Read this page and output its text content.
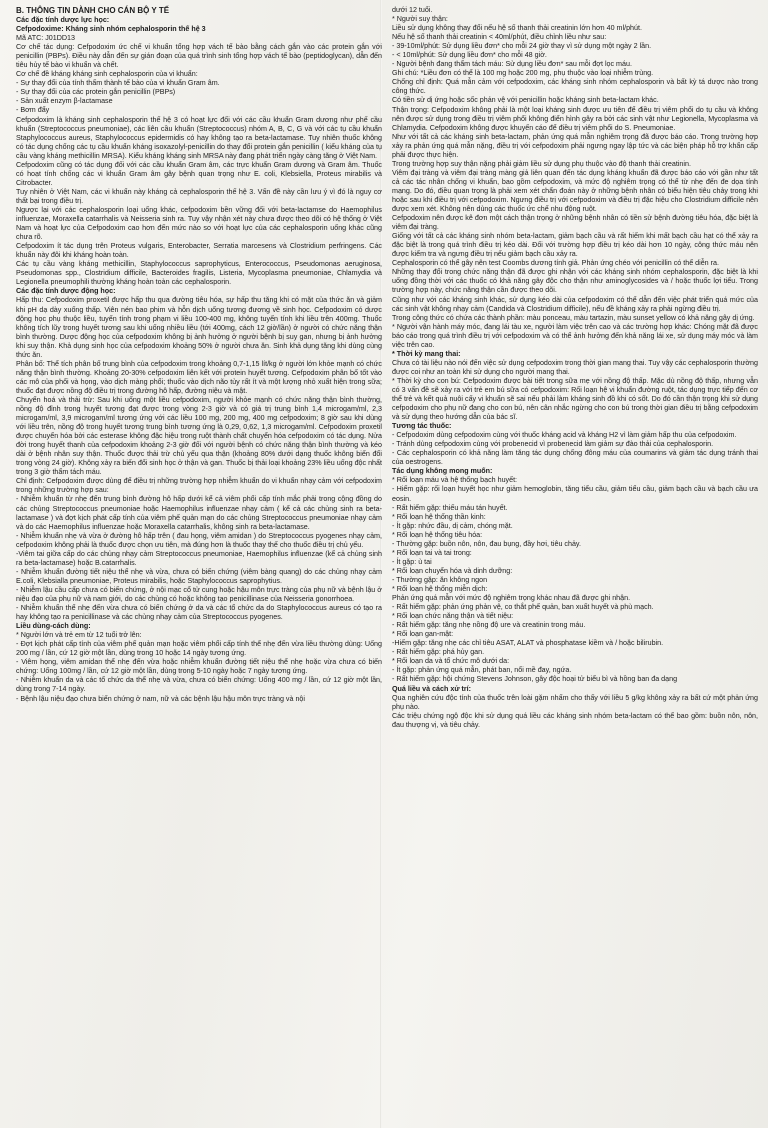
B. THÔNG TIN DÀNH CHO CÁN BỘ Y TẾ

Các đặc tính dược lực học:

Cefpodoxime: Kháng sinh nhóm cephalosporin thế hệ 3

Mã ATC: J01DD13

Cơ chế tác dụng: Cefpodoxim ức chế vi khuẩn tổng hợp vách tế bào bằng cách gắn vào các protein gắn với penicillin (PBPs). Điều này dẫn đến sự gián đoạn của quá trình sinh tổng hợp vách tế bào (peptidoglycan), dẫn đến tiêu hủy tế bào vi khuẩn và chết.

Cơ chế đề kháng kháng sinh cephalosporin của vi khuẩn:

- Sự thay đổi của tính thấm thành tế bào của vi khuẩn Gram âm.

- Sự thay đổi của các protein gắn penicillin (PBPs)

- Sản xuất enzym β-lactamase

- Bơm đẩy

Cefpodoxim là kháng sinh cephalosporin thế hệ 3 có hoạt lực đối với các cầu khuẩn Gram dương như phế cầu khuẩn (Streptococcus pneumoniae), các liên cầu khuẩn (Streptococcus) nhóm A, B, C, G và với các tụ cầu khuẩn Staphylococcus aureus, Staphylococcus epidermidis có hay không tạo ra beta-lactamase. Tuy nhiên thuốc không có tác dụng chống các tụ cầu khuẩn kháng isoxazolyl-penicillin do thay đổi protein gắn penicillin ( kiểu kháng của tụ cầu vàng kháng methicillin MRSA). Kiểu kháng kháng sinh MRSA này đang phát triển ngày càng tăng ở Việt Nam.

Cefpodoxim cũng có tác dụng đối với các cầu khuẩn Gram âm, các trực khuẩn Gram dương và Gram âm. Thuốc có hoạt tính chống các vi khuẩn Gram âm gây bệnh quan trọng như E. coli, Klebsiella, Proteus mirabilis và Citrobacter.

Tuy nhiên ở Việt Nam, các vi khuẩn này kháng cả cephalosporin thế hệ 3. Vấn đề này cần lưu ý vì đó là nguy cơ thất bại trong điều trị.

Ngược lại với các cephalosporin loại uống khác, cefpodoxim bền vững đối với beta-lactamse do Haemophilus influenzae, Moraxella catarrhalis và Neisseria sinh ra. Tuy vậy nhận xét này chưa được theo dõi có hệ thống ở Việt Nam và hoạt lực của Cefpodoxim cao hơn đến mức nào so với hoạt lực của các cephalosporin uống khác cũng chưa rõ.

Cefpodoxim ít tác dụng trên Proteus vulgaris, Enterobacter, Serratia marcesens và Clostridium perfringens. Các khuẩn này đôi khi kháng hoàn toàn.

Các tụ cầu vàng kháng methicillin, Staphylococcus saprophyticus, Enterococcus, Pseudomonas aeruginosa, Pseudomonas spp., Clostridium difficile, Bacteroides fragilis, Listeria, Mycoplasma pneumoniae, Chlamydia và Legionella pneumophili thường kháng hoàn toàn các cephalosporin.

Các đặc tính dược động học:

Hấp thu: Cefpodoxim proxetil được hấp thu qua đường tiêu hóa, sự hấp thu tăng khi có mặt của thức ăn và giảm khi pH dạ dày xuống thấp. Viên nén bao phim và hỗn dịch uống tương đương về sinh học. Cefpodoxim có dược động học phụ thuộc liều, tuyến tính trong phạm vi liều 100-400 mg, không tuyến tính khi liều trên 400mg. Thuốc không tích lũy trong huyết tương sau khi uống nhiều liều (tới 400mg, cách 12 giờ/lần) ở người có chức năng thận bình thường. Dược động học của cefpodoxim không bị ảnh hưởng ở người bệnh bị suy gan, nhưng bị ảnh hưởng khi suy thận. Khả dụng sinh học của cefpodoxim khoảng 50% ở người chưa ăn. Sinh khả dụng tăng khi dùng cùng thức ăn.

Phân bố: Thể tích phân bố trung bình của cefpodoxim trong khoảng 0,7-1,15 lít/kg ở người lớn khỏe mạnh có chức năng thận bình thường. Khoảng 20-30% cefpodoxim liên kết với protein huyết tương. Cefpodoxim phân bố tốt vào các mô của phổi và họng, vào dịch màng phổi; thuốc vào dịch não tủy rất ít và một lượng nhỏ xuất hiện trong sữa; thuốc đạt được nồng độ điều trị trong đường hô hấp, đường niệu và mật.

Chuyển hoá và thải trừ: Sau khi uống một liều cefpodoxim, người khỏe mạnh có chức năng thận bình thường, nồng độ đỉnh trong huyết tương đạt được trong vòng 2-3 giờ và có giá trị trung bình 1,4 microgam/ml, 2,3 microgam/ml, 3,9 microgam/ml tương ứng với các liều 100 mg, 200 mg, 400 mg cefpodoxim; 8 giờ sau khi dùng với liều trên, nồng độ trong huyết tương trung bình tương ứng là 0,29, 0,62, 1,3 microgam/ml. Cefpodoxim proxetil được chuyển hóa bởi các esterase không đặc hiệu trong ruột thành chất chuyển hóa cefpodoxim có tác dụng. Nửa đời trong huyết thanh của cefpodoxim khoảng 2-3 giờ đối với người bệnh có chức năng thận bình thường và kéo dài ở bệnh nhân suy thận. Thuốc được thải trừ chủ yếu qua thận (khoảng 80% dưới dạng thuốc không biến đổi trong vòng 24 giờ). Không xảy ra biến đổi sinh học ở thận và gan. Thuốc bị thải loại khoảng 23% liều uống độc nhất trong 3 giờ thẩm tách máu.

Chỉ định: Cefpodoxim được dùng để điều trị những trường hợp nhiễm khuẩn do vi khuẩn nhạy cảm với cefpodoxim trong những trường hợp sau:

- Nhiễm khuẩn từ nhẹ đến trung bình đường hô hấp dưới kể cả viêm phổi cấp tính mắc phải trong cộng đồng do các chủng Streptococcus pneumoniae hoặc Haemophilus influenzae nhạy cảm ( kể cả các chủng sinh ra beta-lactamase ) và đợt kịch phát cấp tính của viêm phế quản mạn do các chủng Streptococcus pneumoniae nhạy cảm và do các Haemophilus influenzae hoặc Moraxella catarrhalis, không sinh ra beta-lactamase.

- Nhiễm khuẩn nhẹ và vừa ở đường hô hấp trên ( đau họng, viêm amidan ) do Streptococcus pyogenes nhạy cảm, cefpodoxim không phải là thuốc được chọn ưu tiên, mà đúng hơn là thuốc thay thế cho thuốc điều trị chủ yếu.

-Viêm tai giữa cấp do các chủng nhạy cảm Streptococcus pneumoniae, Haemophilus influenzae (kể cả chủng sinh ra beta-lactamase) hoặc B.catarrhalis.

- Nhiễm khuẩn đường tiết niệu thể nhẹ và vừa, chưa có biến chứng (viêm bàng quang) do các chủng nhạy cảm E.coli, Klebsialla pneumoniae, Proteus mirabilis, hoặc Staphylococcus saprophytius.

- Nhiễm lậu cầu cấp chưa có biến chứng, ở nội mạc cổ tử cung hoặc hậu môn trực tràng của phụ nữ và bệnh lậu ở niệu đạo của phụ nữ và nam giới, do các chủng có hoặc không tạo penicillinase của Neisseria gonorrhoea.

- Nhiễm khuẩn thể nhẹ đến vừa chưa có biến chứng ở da và các tổ chức da do Staphylococcus aureus có tạo ra hay không tạo ra penicillinase và các chủng nhạy cảm của Streptococcus pyogenes.

Liều dùng-cách dùng:

* Người lớn và trẻ em từ 12 tuổi trở lên:

- Đợt kịch phát cấp tính của viêm phế quản mạn hoặc viêm phổi cấp tính thể nhẹ đến vừa liều thường dùng: Uống 200 mg / lần, cứ 12 giờ một lần, dùng trong 10 hoặc 14 ngày tương ứng.

- Viêm họng, viêm amidan thể nhẹ đến vừa hoặc nhiễm khuẩn đường tiết niệu thể nhẹ hoặc vừa chưa có biến chứng: Uống 100mg / lần, cứ 12 giờ một lần, dùng trong 5-10 ngày hoặc 7 ngày tương ứng.

- Nhiễm khuẩn da và các tổ chức da thể nhẹ và vừa, chưa có biến chứng: Uống 400 mg / lần, cứ 12 giờ một lần, dùng trong 7-14 ngày.

- Bệnh lậu niệu đạo chưa biến chứng ở nam, nữ và các bệnh lậu hậu môn trực tràng và nội

dưới 12 tuổi.

* Người suy thận:

Liều sử dụng không thay đổi nếu hệ số thanh thải creatinin lớn hơn 40 ml/phút.

Nếu hệ số thanh thải creatinin < 40ml/phút, điều chỉnh liều như sau:

- 39-10ml/phút: Sử dụng liều đơn* cho mỗi 24 giờ thay vì sử dụng một ngày 2 lần.

- < 10ml/phút: Sử dụng liều đơn* cho mỗi 48 giờ.

- Người bệnh đang thẩm tách máu: Sử dụng liều đơn* sau mỗi đợt lọc máu.

Ghi chú: *Liều đơn có thể là 100 mg hoặc 200 mg, phụ thuộc vào loại nhiễm trùng.

Chống chỉ định: Quá mẫn cảm với cefpodoxim, các kháng sinh nhóm cephalosporin và bất kỳ tá dược nào trong công thức.

Có tiền sử dị ứng hoặc sốc phản vệ với penicillin hoặc kháng sinh beta-lactam khác.

Thận trọng: Cefpodoxim không phải là một loại kháng sinh được ưu tiên để điều trị viêm phổi do tụ cầu và không nên được sử dụng trong điều trị viêm phổi không điển hình gây ra bởi các sinh vật như Legionella, Mycoplasma và Chlamydia. Cefpodoxim không được khuyến cáo để điều trị viêm phổi do S. Pneumoniae.

Như với tất cả các kháng sinh beta-lactam, phản ứng quá mẫn nghiêm trọng đã được báo cáo. Trong trường hợp xảy ra phản ứng quá mẫn nặng, điều trị với cefpodoxim phải ngưng ngay lập tức và các biện pháp hỗ trợ khẩn cấp phải được thực hiện.

Trong trường hợp suy thận nặng phải giảm liều sử dụng phụ thuộc vào độ thanh thải creatinin.

Viêm đại tràng và viêm đại tràng màng giả liên quan đến tác dụng kháng khuẩn đã được báo cáo với gần như tất cả các tác nhân chống vi khuẩn, bao gồm cefpodoxim, và mức độ nghiêm trọng có thể từ nhẹ đến đe dọa tính mạng. Do đó, điều quan trọng là phải xem xét chẩn đoán này ở những bệnh nhân có biểu hiện tiêu chảy trong khi hoặc sau khi điều trị với cefpodoxim. Ngưng điều trị với cefpodoxim và điều trị đặc hiệu cho Clostridium difficile nên được xem xét. Không nên dùng các thuốc ức chế nhu động ruột.

Cefpodoxim nên được kê đơn một cách thận trọng ở những bệnh nhân có tiền sử bệnh đường tiêu hóa, đặc biệt là viêm đại tràng.

Giống với tất cả các kháng sinh nhóm beta-lactam, giảm bạch cầu và rất hiếm khi mất bạch cầu hạt có thể xảy ra đặc biệt là trong quá trình điều trị kéo dài. Đối với trường hợp điều trị kéo dài hơn 10 ngày, công thức máu nên được kiểm tra và ngưng điều trị nếu giảm bạch cầu xảy ra.

Cephalosporin có thể gây nên test Coombs dương tính giả. Phản ứng chéo với penicillin có thể diễn ra.

Những thay đổi trong chức năng thận đã được ghi nhận với các kháng sinh nhóm cephalosporin, đặc biệt là khi uống đồng thời với các thuốc có khả năng gây độc cho thận như aminoglycosides và / hoặc thuốc lợi tiểu. Trong trường hợp này, chức năng thận cần được theo dõi.

Cũng như với các kháng sinh khác, sử dụng kéo dài của cefpodoxim có thể dẫn đến việc phát triển quá mức của các sinh vật không nhạy cảm (Candida và Clostridium difficile), nếu đề kháng xảy ra phải ngừng điều trị.

Trong công thức có chứa các thành phần: màu ponceau, màu tartazin, màu sunset yellow có khả năng gây dị ứng.

* Người vận hành máy móc, đang lái tàu xe, người làm việc trên cao và các trường hợp khác: Chóng mặt đã được báo cáo trong quá trình điều trị với cefpodoxim và có thể ảnh hưởng đến khả năng lái xe, sử dụng máy móc và làm việc trên cao.

* Thời kỳ mang thai:

Chưa có tài liệu nào nói đến việc sử dụng cefpodoxim trong thời gian mang thai. Tuy vậy các cephalosporin thường được coi như an toàn khi sử dụng cho người mang thai.

* Thời kỳ cho con bú: Cefpodoxim được bài tiết trong sữa mẹ với nồng độ thấp. Mặc dù nồng độ thấp, nhưng vẫn có 3 vấn đề sẽ xảy ra với trẻ em bú sữa có cefpodoxim: Rối loạn hệ vi khuẩn đường ruột, tác dụng trực tiếp đến cơ thể trẻ và kết quả nuôi cấy vi khuẩn sẽ sai nếu phải làm kháng sinh đồ khi có sốt. Do đó cần thận trọng khi sử dụng cefpodoxim cho phụ nữ đang cho con bú, nên cân nhắc ngừng cho con bú trong thời gian điều trị bằng cefpodoxim và sử dụng theo hướng dẫn của bác sĩ.

Tương tác thuốc:

- Cefpodoxim dùng cefpodoxim cùng với thuốc kháng acid và kháng H2 vì làm giảm hấp thu của cefpodoxim.

- Tránh dùng cefpodoxim cùng với probenecid vì probenecid làm giảm sự đào thải của cephalosporin.

- Các cephalosporin có khả năng làm tăng tác dụng chống đông máu của coumarins và giảm tác dụng tránh thai của oestrogens.

Tác dụng không mong muốn:

* Rối loạn máu và hệ thống bạch huyết:

- Hiếm gặp: rối loạn huyết học như giảm hemoglobin, tăng tiểu cầu, giảm tiểu cầu, giảm bạch cầu và bạch cầu ưa eosin.

- Rất hiếm gặp: thiếu máu tán huyết.

* Rối loạn hệ thống thần kinh:

- Ít gặp: nhức đầu, dị cảm, chóng mặt.

* Rối loạn hệ thống tiêu hóa:

- Thường gặp: buồn nôn, nôn, đau bụng, đầy hơi, tiêu chảy.

* Rối loạn tai và tai trong:

- Ít gặp: ù tai

* Rối loạn chuyển hóa và dinh dưỡng:

- Thường gặp: ăn không ngon

* Rối loạn hệ thống miễn dịch:

Phản ứng quá mẫn với mức độ nghiêm trọng khác nhau đã được ghi nhận.

- Rất hiếm gặp: phản ứng phản vệ, co thắt phế quản, ban xuất huyết và phù mạch.

* Rối loạn chức năng thận và tiết niệu:

- Rất hiếm gặp: tăng nhẹ nồng độ ure và creatinin trong máu.

* Rối loạn gan-mật:

-Hiếm gặp: tăng nhẹ các chỉ tiêu ASAT, ALAT và phosphatase kiềm và / hoặc bilirubin.

- Rất hiếm gặp: phá hủy gan.

* Rối loạn da và tổ chức mô dưới da:

- Ít gặp: phản ứng quá mẫn, phát ban, nổi mề đay, ngứa.

- Rất hiếm gặp: hội chứng Stevens Johnson, gây độc hoại tử biểu bì và hồng ban đa dạng

Quá liều và cách xử trí:

Qua nghiên cứu độc tính của thuốc trên loài gặm nhấm cho thấy với liều 5 g/kg không xảy ra bất cứ một phản ứng phụ nào.

Các triệu chứng ngộ độc khi sử dụng quá liều các kháng sinh nhóm beta-lactam có thể bao gồm: buồn nôn, nôn, đau thượng vị, và tiêu chảy.
